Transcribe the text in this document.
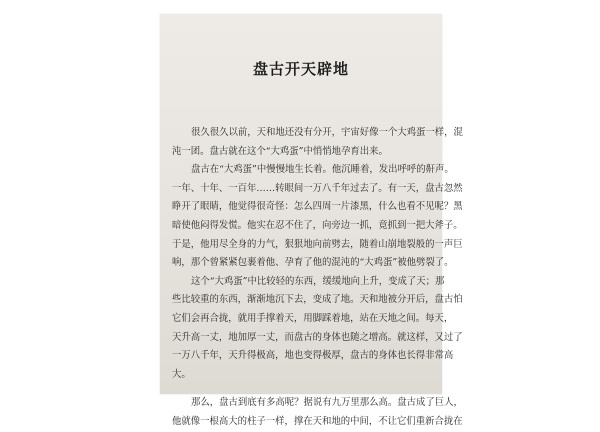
盘古开天辟地
很久很久以前，天和地还没有分开，宇宙好像一个大鸡蛋一样，混
沌一团。盘古就在这个“大鸡蛋”中悄悄地孕育出来。
盘古在“大鸡蛋”中慢慢地生长着。他沉睡着，发出呼呼的鼾声。
一年、十年、一百年……转眼间一万八千年过去了。有一天，盘古忽然
睁开了眼睛，他觉得很奇怪：怎么四周一片漆黑，什么也看不见呢？黑
暗使他闷得发慌。他实在忍不住了，向旁边一抓，竟抓到一把大斧子。
于是，他用尽全身的力气，狠狠地向前劈去，随着山崩地裂般的一声巨
响，那个曾紧紧包裹着他、孕育了他的混沌的“大鸡蛋”被他劈裂了。
这个“大鸡蛋”中比较轻的东西，缓缓地向上升，变成了天；那
些比较重的东西，渐渐地沉下去，变成了地。天和地被分开后，盘古怕
它们会再合拢，就用手撑着天，用脚踩着地，站在天地之间。每天，
天升高一丈，地加厚一丈，而盘古的身体也随之增高。就这样，又过了
一万八千年，天升得极高，地也变得极厚，盘古的身体也长得非常高
大。
那么，盘古到底有多高呢？据说有九万里那么高。盘古成了巨人，
他就像一根高大的柱子一样，撑在天和地的中间，不让它们重新合拢在
